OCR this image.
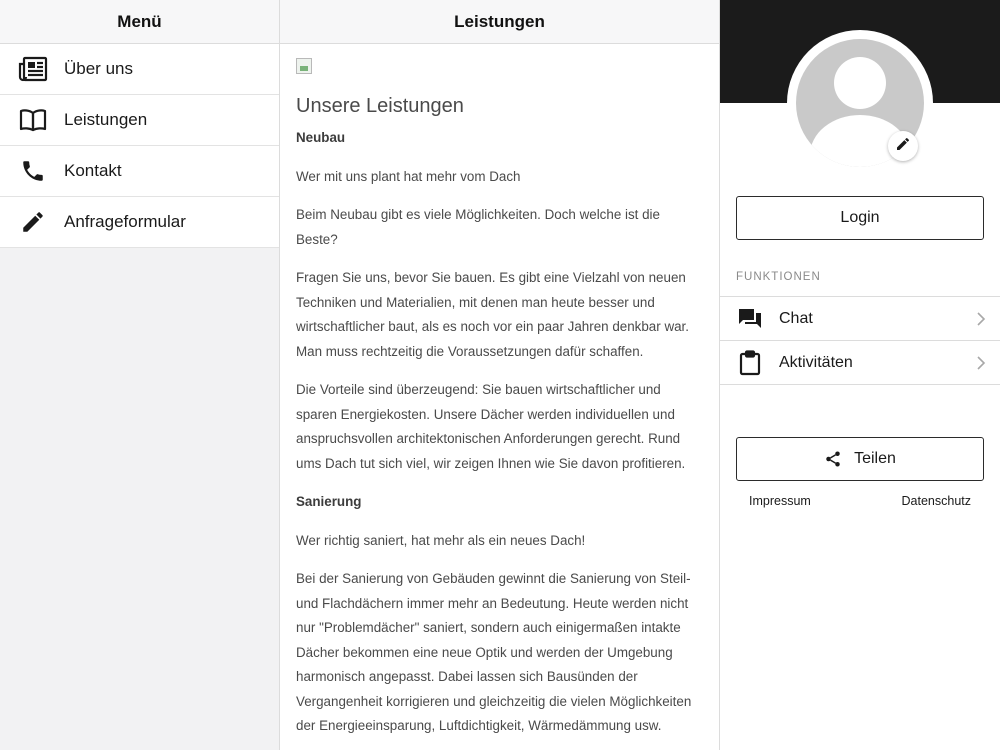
Menü
Über uns
Leistungen
Kontakt
Anfrageformular
Leistungen
Unsere Leistungen
Neubau

Wer mit uns plant hat mehr vom Dach

Beim Neubau gibt es viele Möglichkeiten. Doch welche ist die Beste?

Fragen Sie uns, bevor Sie bauen. Es gibt eine Vielzahl von neuen Techniken und Materialien, mit denen man heute besser und wirtschaftlicher baut, als es noch vor ein paar Jahren denkbar war. Man muss rechtzeitig die Voraussetzungen dafür schaffen.

Die Vorteile sind überzeugend: Sie bauen wirtschaftlicher und sparen Energiekosten. Unsere Dächer werden individuellen und anspruchsvollen architektonischen Anforderungen gerecht. Rund ums Dach tut sich viel, wir zeigen Ihnen wie Sie davon profitieren.

Sanierung

Wer richtig saniert, hat mehr als ein neues Dach!

Bei der Sanierung von Gebäuden gewinnt die Sanierung von Steil- und Flachdächern immer mehr an Bedeutung. Heute werden nicht nur "Problemdächer" saniert, sondern auch einigermaßen intakte Dächer bekommen eine neue Optik und werden der Umgebung harmonisch angepasst. Dabei lassen sich Bausünden der Vergangenheit korrigieren und gleichzeitig die vielen Möglichkeiten der Energieeinsparung, Luftdichtigkeit, Wärmedämmung usw.

Login
FUNKTIONEN
Chat
Aktivitäten
Teilen
Impressum	Datenschutz
